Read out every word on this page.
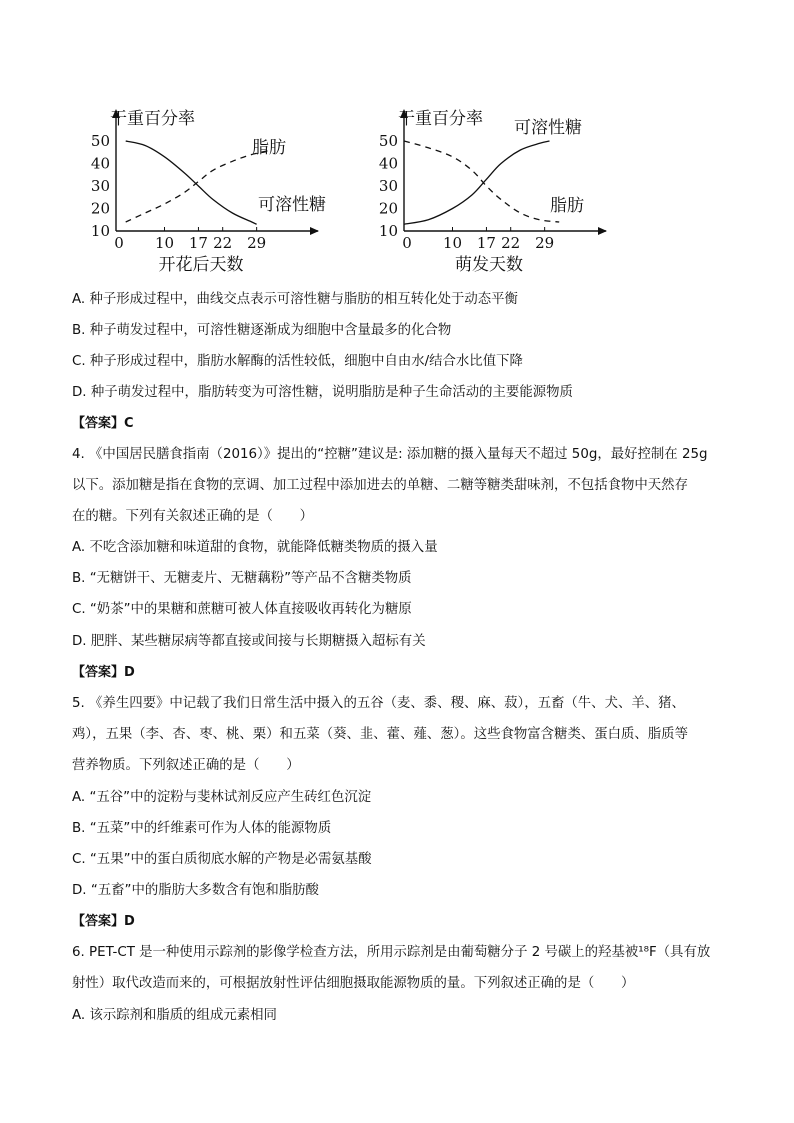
干重百分率
10
20
30
40
50
0 10 17 22 29
开花后天数
可溶性糖
脂肪
干重百分率
10
20
30
40
50
0 10 17 22 29
萌发天数
可溶性糖
脂肪
A. 种子形成过程中，曲线交点表示可溶性糖与脂肪的相互转化处于动态平衡
B. 种子萌发过程中，可溶性糖逐渐成为细胞中含量最多的化合物
C. 种子形成过程中，脂肪水解酶的活性较低，细胞中自由水/结合水比值下降
D. 种子萌发过程中，脂肪转变为可溶性糖，说明脂肪是种子生命活动的主要能源物质
【答案】C
4. 《中国居民膳食指南（2016）》提出的“控糖”建议是: 添加糖的摄入量每天不超过 50g，最好控制在 25g
以下。添加糖是指在食物的烹调、加工过程中添加进去的单糖、二糖等糖类甜味剂，不包括食物中天然存
在的糖。下列有关叙述正确的是（　　）
A. 不吃含添加糖和味道甜的食物，就能降低糖类物质的摄入量
B. “无糖饼干、无糖麦片、无糖藕粉”等产品不含糖类物质
C. “奶茶”中的果糖和蔗糖可被人体直接吸收再转化为糖原
D. 肥胖、某些糖尿病等都直接或间接与长期糖摄入超标有关
【答案】D
5. 《养生四要》中记载了我们日常生活中摄入的五谷（麦、黍、稷、麻、菽），五畜（牛、犬、羊、猪、
鸡），五果（李、杏、枣、桃、栗）和五菜（葵、韭、藿、薤、葱）。这些食物富含糖类、蛋白质、脂质等
营养物质。下列叙述正确的是（　　）
A. “五谷”中的淀粉与斐林试剂反应产生砖红色沉淀
B. “五菜”中的纤维素可作为人体的能源物质
C. “五果”中的蛋白质彻底水解的产物是必需氨基酸
D. “五畜”中的脂肪大多数含有饱和脂肪酸
【答案】D
6. PET-CT 是一种使用示踪剂的影像学检查方法，所用示踪剂是由葡萄糖分子 2 号碳上的羟基被¹⁸F（具有放
射性）取代改造而来的，可根据放射性评估细胞摄取能源物质的量。下列叙述正确的是（　　）
A. 该示踪剂和脂质的组成元素相同
